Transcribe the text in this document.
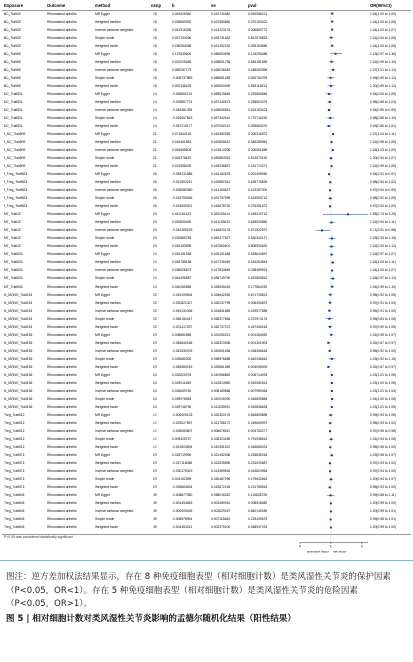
Exposure	Outcome	method	nsnp	b	se	pval	OR(95%CI)
0	1	2
protective factor risk factor
BC_Trait33	Rheumatoid arthritis	MR Egger	15	0.042626362	0.019740482	0.052956221	1.04(1.00 to 1.09)
BC_Trait33	Rheumatoid arthritis	Weighted median	15	0.035660092	0.021980650	0.070150022	1.04(1.00 to 1.08)
BC_Trait33	Rheumatoid arthritis	Inverse variance weighted	15	0.041916336	0.013223176	0.006860772	1.04(1.02 to 1.07)
BC_Trait33	Rheumatoid arthritis	Simple mode	15	0.007134096	0.033731632	0.847578833	1.01(0.94 to 1.08)
BC_Trait33	Rheumatoid arthritis	Weighted mode	15	0.036264088	0.021252232	0.093154666	1.04(1.00 to 1.08)
BC_Trait55	Rheumatoid arthritis	MR Egger	15	0.137639600	0.086653696	0.134295488	1.15(0.97 to 1.36)
BC_Trait55	Rheumatoid arthritis	Weighted median	15	0.022025465	0.038801756	0.546181659	1.02(0.95 to 1.10)
BC_Trait55	Rheumatoid arthritis	Inverse variance weighted	15	0.069287173	0.028038282	0.048083998	1.07(1.01 to 1.13)
BC_Trait55	Rheumatoid arthritis	Simple mode	15	-0.005737869	0.058681285	0.920782078	0.99(0.89 to 1.12)
BC_Trait55	Rheumatoid arthritis	Weighted mode	15	0.002146429	0.063600499	0.963116513	1.00(0.89 to 1.12)
DC_Trait531	Rheumatoid arthritis	MR Egger	14	-0.065652131	0.059519846	0.292680846	0.94(0.83 to 1.05)
DC_Trait531	Rheumatoid arthritis	Weighted median	14	-0.039897774	0.037340673	0.295504375	0.96(0.89 to 1.03)
DC_Trait531	Rheumatoid arthritis	Inverse variance weighted	14	-0.064481394	0.028606851	0.024163423	0.94(0.89 to 0.99)
DC_Trait531	Rheumatoid arthritis	Simple mode	14	-0.016097843	0.057342610	0.770716230	0.98(0.88 to 1.10)
DC_Trait531	Rheumatoid arthritis	Weighted mode	14	-0.067210177	0.037092110	0.093684470	0.93(0.86 to 1.01)
f_DC_Trait509	Rheumatoid arthritis	MR Egger	21	0.071844118	0.016380285	0.000316972	1.07(1.04 to 1.11)
f_DC_Trait509	Rheumatoid arthritis	Weighted median	21	0.016461881	0.020805612	0.346285961	1.02(0.98 to 1.06)
f_DC_Trait509	Rheumatoid arthritis	Inverse variance weighted	21	0.054565809	0.013614296	0.000061655	1.06(1.03 to 1.09)
f_DC_Trait509	Rheumatoid arthritis	Simple mode	21	0.003376622	0.030864091	0.913973192	1.00(0.94 to 1.07)
f_DC_Trait509	Rheumatoid arthritis	Weighted mode	21	0.021958439	0.018036897	0.161774271	1.02(0.99 to 1.06)
f_Treg_Trait523	Rheumatoid arthritis	MR Egger	26	-0.058131886	0.016162675	0.001499050	0.94(0.91 to 0.97)
f_Treg_Trait523	Rheumatoid arthritis	Weighted median	26	-0.021592241	0.019882341	0.635776826	0.98(0.94 to 1.02)
f_Treg_Trait523	Rheumatoid arthritis	Inverse variance weighted	26	-0.035089360	0.014160637	0.013287000	0.97(0.94 to 0.99)
f_Treg_Trait523	Rheumatoid arthritis	Simple mode	26	-0.015755046	0.031797999	0.624593712	0.98(0.92 to 1.05)
f_Treg_Trait523	Rheumatoid arthritis	Weighted mode	26	-0.034545321	0.018678730	0.076251672	0.97(0.93 to 1.00)
MT_Trait12	Rheumatoid arthritis	MR Egger	24	0.441161423	0.381153414	0.449319712	1.55(0.74 to 3.28)
MT_Trait12	Rheumatoid arthritis	Weighted median	24	0.020830490	0.041193810	0.626000860	1.02(0.94 to 1.11)
MT_Trait12	Rheumatoid arthritis	Inverse variance weighted	24	-0.344389199	0.164820176	0.071922537	0.71(0.51 to 0.98)
MT_Trait12	Rheumatoid arthritis	Simple mode	24	0.032865783	0.052477827	0.530342127	1.03(0.93 to 1.15)
MT_Trait12	Rheumatoid arthritis	Weighted mode	24	0.015163899	0.047660601	0.806590620	1.02(0.93 to 1.12)
MT_Trait533	Rheumatoid arthritis	MR Egger	13	0.016191536	0.025191648	0.528644697	1.02(0.97 to 1.07)
MT_Trait533	Rheumatoid arthritis	Weighted median	13	0.054788158	0.027236459	0.044264844	1.06(1.00 to 1.11)
MT_Trait533	Rheumatoid arthritis	Inverse variance weighted	13	0.036926573	0.017834659	0.038469924	1.04(1.00 to 1.07)
MT_Trait533	Rheumatoid arthritis	Simple mode	13	0.044496987	0.036749790	0.267809812	1.06(0.97 to 1.13)
MT_Trait533	Rheumatoid arthritis	Weighted mode	13	0.040260689	0.026545416	0.177864252	1.04(0.99 to 1.10)
N_MONO_Trait154	Rheumatoid arthritis	MR Egger	22	-0.015199534	0.034642250	0.671725621	0.98(0.92 to 1.05)
N_MONO_Trait154	Rheumatoid arthritis	Weighted median	22	-0.030521327	0.030237799	0.306494637	0.97(0.91 to 1.03)
N_MONO_Trait154	Rheumatoid arthritis	Inverse variance weighted	22	-0.049131306	0.024851689	0.029577885	0.95(0.91 to 1.00)
N_MONO_Trait154	Rheumatoid arthritis	Simple mode	22	-0.056150247	0.065377666	0.370974176	0.95(0.83 to 1.08)
N_MONO_Trait154	Rheumatoid arthritis	Weighted mode	22	-0.031417037	0.040737072	0.447406163	0.97(0.90 to 1.05)
N_MONO_Trait155	Rheumatoid arthritis	MR Egger	23	0.008880985	0.031050221	0.001284052	1.01(0.95 to 1.07)
N_MONO_Trait155	Rheumatoid arthritis	Weighted median	23	-0.084640168	0.026323938	0.001301903	0.92(0.87 to 0.97)
N_MONO_Trait155	Rheumatoid arthritis	Inverse variance weighted	23	-0.043330076	0.020691456	0.036256618	0.96(0.92 to 1.00)
N_MONO_Trait155	Rheumatoid arthritis	Simple mode	23	0.025680302	0.055976685	0.642336542	1.03(0.92 to 1.15)
N_MONO_Trait155	Rheumatoid arthritis	Weighted mode	23	-0.083089215	0.025861389	0.004095009	0.92(0.87 to 0.97)
N_MONO_Trait156	Rheumatoid arthritis	MR Egger	24	0.032820075	0.010966862	0.006714093	1.03(1.01 to 1.06)
N_MONO_Trait156	Rheumatoid arthritis	Weighted median	24	0.029011489	0.012814960	0.020082513	1.03(1.00 to 1.06)
N_MONO_Trait156	Rheumatoid arthritis	Inverse variance weighted	24	0.026659750	0.008169868	0.007959354	1.03(1.01 to 1.04)
N_MONO_Trait156	Rheumatoid arthritis	Simple mode	24	0.039978984	0.020026090	0.063839884	1.04(1.00 to 1.08)
N_MONO_Trait156	Rheumatoid arthritis	Weighted mode	24	0.029748790	0.011539923	0.020836628	1.03(1.01 to 1.05)
Treg_Trait512	Rheumatoid arthritis	MR Egger	17	-0.006409133	0.032300176	0.845809898	0.99(0.93 to 1.06)
Treg_Trait512	Rheumatoid arthritis	Weighted median	17	-0.025027897	0.021768172	0.249653997	0.98(0.93 to 1.02)
Treg_Trait512	Rheumatoid arthritis	Inverse variance weighted	17	-0.035069807	0.008676611	0.003780277	0.97(0.95 to 0.98)
Treg_Trait512	Rheumatoid arthritis	Simple mode	17	0.009425757	0.035324185	0.791938512	1.01(0.94 to 1.08)
Treg_Trait512	Rheumatoid arthritis	Weighted mode	17	-0.022603894	0.010351152	0.045655331	0.98(0.96 to 1.00)
Treg_Trait574	Rheumatoid arthritis	MR Egger	23	0.025719990	0.021492338	0.253835318	1.03(0.98 to 1.07)
Treg_Trait574	Rheumatoid arthritis	Weighted median	23	-0.027118086	0.022639890	0.231020687	0.97(0.93 to 1.02)
Treg_Trait574	Rheumatoid arthritis	Inverse variance weighted	23	-0.030175319	0.014969616	0.043823954	0.97(0.94 to 1.00)
Treg_Trait574	Rheumatoid arthritis	Simple mode	23	0.004152359	0.030487296	0.179632861	1.00(0.94 to 1.07)
Treg_Trait574	Rheumatoid arthritis	Weighted mode	23	-0.035684634	0.015672145	0.131785543	0.96(0.93 to 1.00)
Treg_Trait604	Rheumatoid arthritis	MR Egger	39	-0.008677050	0.058015322	0.115828726	0.99(0.88 to 1.11)
Treg_Trait604	Rheumatoid arthritis	Weighted median	39	-0.004494653	0.003469910	0.208518482	1.00(0.99 to 1.00)
Treg_Trait604	Rheumatoid arthritis	Inverse variance weighted	39	-0.000926026	0.002829187	0.840149289	1.00(0.99 to 1.01)
Treg_Trait604	Rheumatoid arthritis	Simple mode	39	-0.008978954	0.007118484	0.229439675	0.99(0.98 to 1.01)
Treg_Trait604	Rheumatoid arthritis	Weighted mode	39	-0.004453241	0.003375100	0.068937091	1.00(0.99 to 1.00)
P<0.05 was considered statistically significant
图注：逆方差加权法结果显示，存在 8 种免疫细胞表型（相对细胞计数）是类风湿性关节炎的保护因素（P<0.05，OR<1）。存在 5 种免疫细胞表型（相对细胞计数）是类风湿性关节炎的危险因素（P<0.05，OR>1）。
图 5 | 相对细胞计数对类风湿性关节炎影响的孟德尔随机化结果（阳性结果）
